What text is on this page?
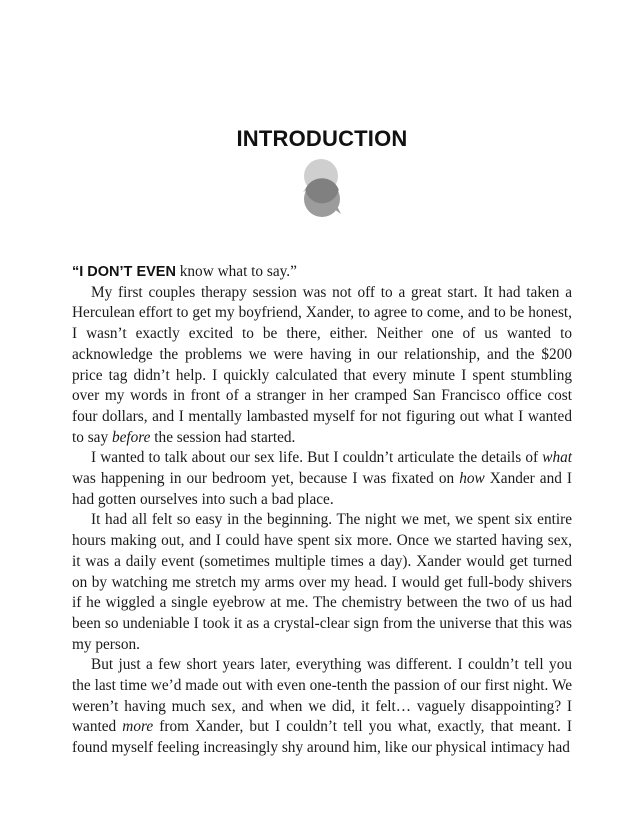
INTRODUCTION

“I DON’T EVEN know what to say.”

My first couples therapy session was not off to a great start. It had taken a Herculean effort to get my boyfriend, Xander, to agree to come, and to be honest, I wasn’t exactly excited to be there, either. Neither one of us wanted to acknowledge the problems we were having in our relationship, and the $200 price tag didn’t help. I quickly calculated that every minute I spent stumbling over my words in front of a stranger in her cramped San Francisco office cost four dollars, and I mentally lambasted myself for not figuring out what I wanted to say before the session had started.

I wanted to talk about our sex life. But I couldn’t articulate the details of what was happening in our bedroom yet, because I was fixated on how Xander and I had gotten ourselves into such a bad place.

It had all felt so easy in the beginning. The night we met, we spent six entire hours making out, and I could have spent six more. Once we started having sex, it was a daily event (sometimes multiple times a day). Xander would get turned on by watching me stretch my arms over my head. I would get full-body shivers if he wiggled a single eyebrow at me. The chemistry between the two of us had been so undeniable I took it as a crystal-clear sign from the universe that this was my person.

But just a few short years later, everything was different. I couldn’t tell you the last time we’d made out with even one-tenth the passion of our first night. We weren’t having much sex, and when we did, it felt… vaguely disappointing? I wanted more from Xander, but I couldn’t tell you what, exactly, that meant. I found myself feeling increasingly shy around him, like our physical intimacy had
